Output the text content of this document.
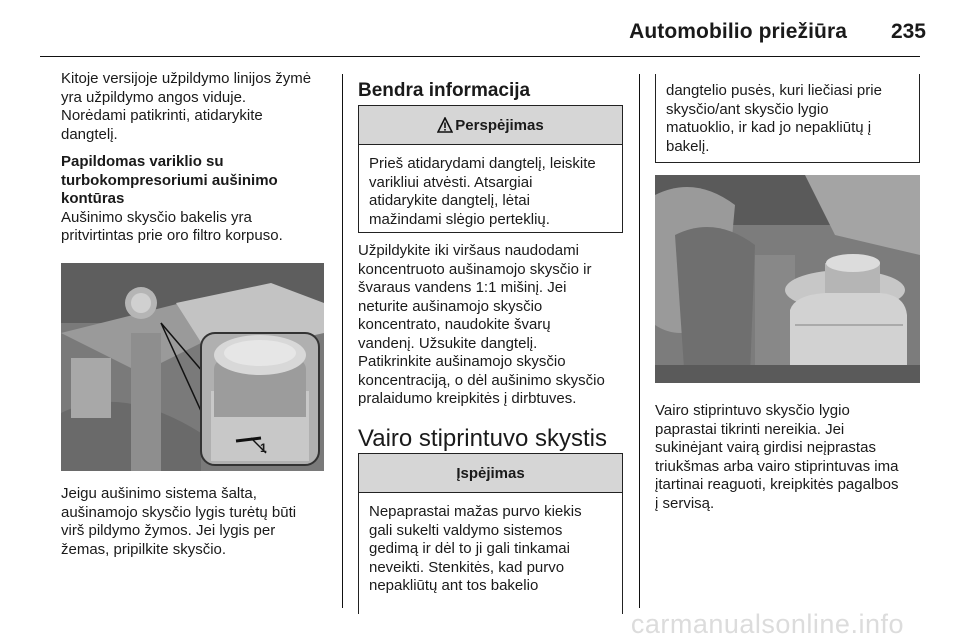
Automobilio priežiūra 235

Kitoje versijoje užpildymo linijos žymė
yra užpildymo angos viduje.
Norėdami patikrinti, atidarykite
dangtelį.

Papildomas variklio su
turbokompresoriumi aušinimo
kontūras

Aušinimo skysčio bakelis yra
pritvirtintas prie oro filtro korpuso.

1
Jeigu aušinimo sistema šalta,
aušinamojo skysčio lygis turėtų būti
virš pildymo žymos. Jei lygis per
žemas, pripilkite skysčio.
Bendra informacija
Perspėjimas
Prieš atidarydami dangtelį, leiskite
varikliui atvėsti. Atsargiai
atidarykite dangtelį, lėtai
mažindami slėgio perteklių.
Užpildykite iki viršaus naudodami
koncentruoto aušinamojo skysčio ir
švaraus vandens 1:1 mišinį. Jei
neturite aušinamojo skysčio
koncentrato, naudokite švarų
vandenį. Užsukite dangtelį.
Patikrinkite aušinamojo skysčio
koncentraciją, o dėl aušinimo skysčio
pralaidumo kreipkitės į dirbtuves.
Vairo stiprintuvo skystis
Įspėjimas
Nepaprastai mažas purvo kiekis
gali sukelti valdymo sistemos
gedimą ir dėl to ji gali tinkamai
neveikti. Stenkitės, kad purvo
nepakliūtų ant tos bakelio
dangtelio pusės, kuri liečiasi prie
skysčio/ant skysčio lygio
matuoklio, ir kad jo nepakliūtų į
bakelį.
Vairo stiprintuvo skysčio lygio
paprastai tikrinti nereikia. Jei
sukinėjant vairą girdisi neįprastas
triukšmas arba vairo stiprintuvas ima
įtartinai reaguoti, kreipkitės pagalbos
į servisą.
carmanualsonline.info
